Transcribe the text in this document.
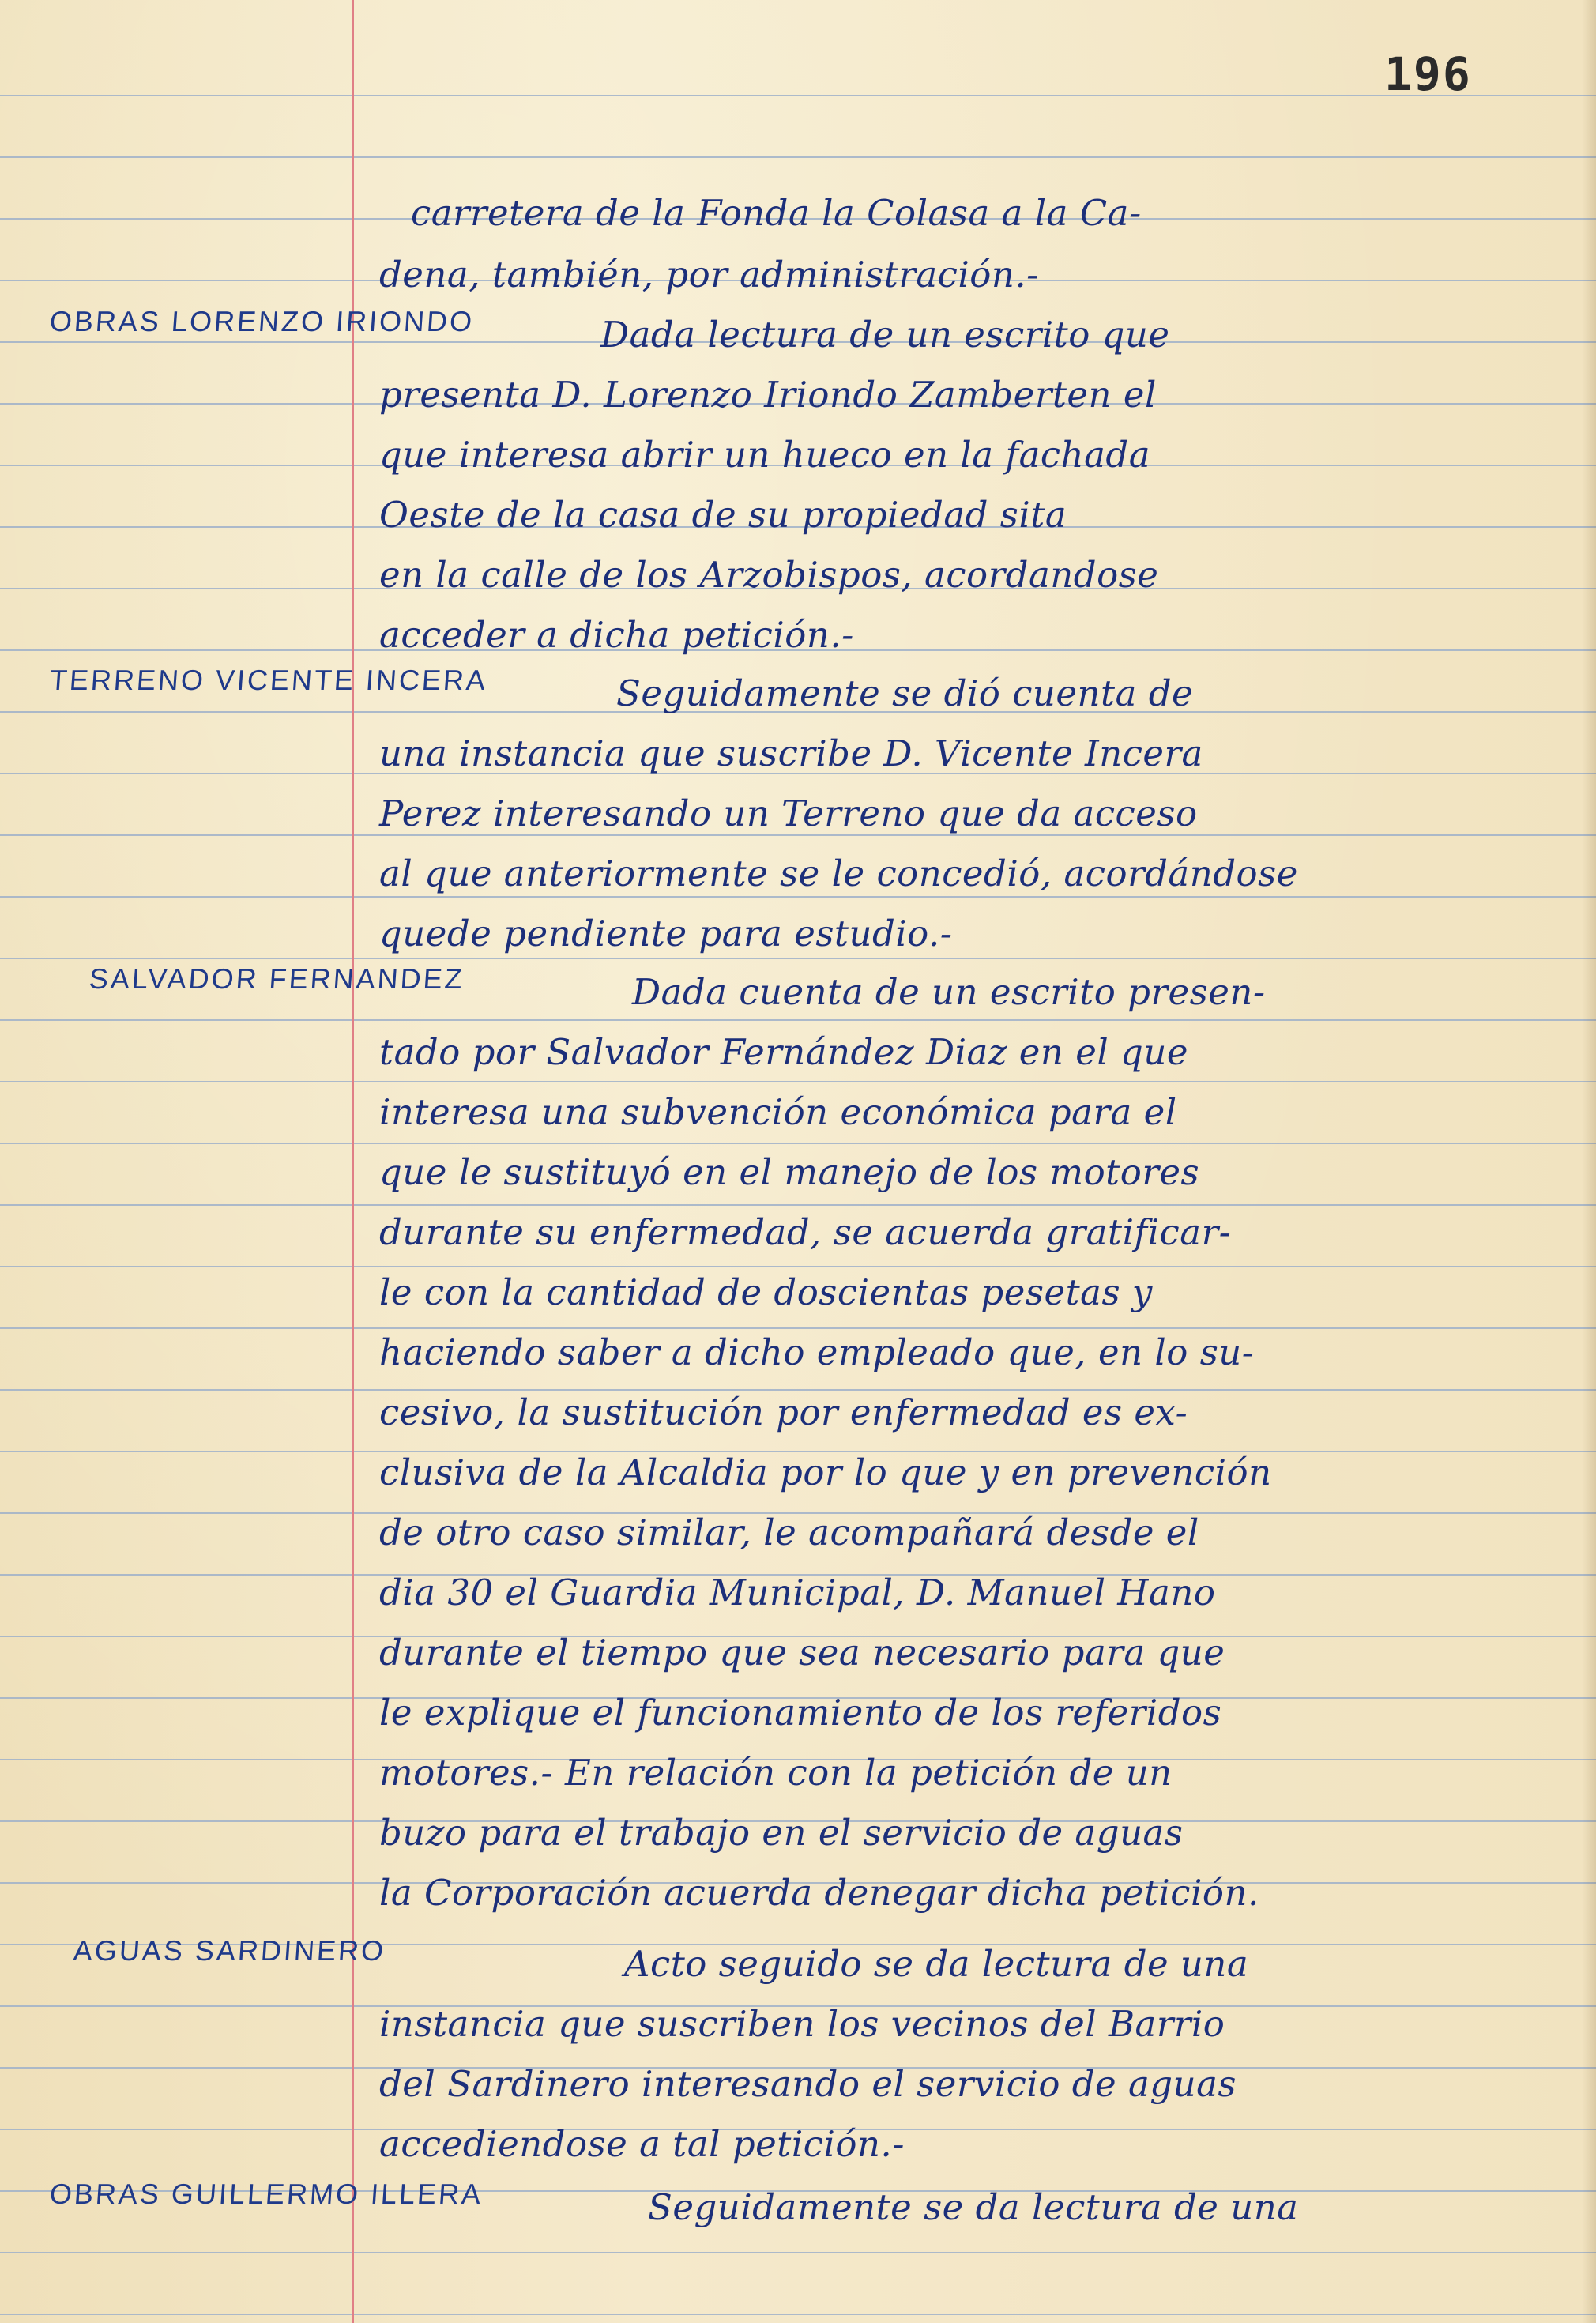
196
OBRAS LORENZO IRIONDO
TERRENO VICENTE INCERA
SALVADOR FERNANDEZ
AGUAS SARDINERO
OBRAS GUILLERMO ILLERA
carretera de la Fonda la Colasa a la Ca-
dena, también, por administración.-
Dada lectura de un escrito que
presenta D. Lorenzo Iriondo Zamberten el
que interesa abrir un hueco en la fachada
Oeste de la casa de su propiedad sita
en la calle de los Arzobispos, acordandose
acceder a dicha petición.-
Seguidamente se dió cuenta de
una instancia que suscribe D. Vicente Incera
Perez interesando un Terreno que da acceso
al que anteriormente se le concedió, acordándose
quede pendiente para estudio.-
Dada cuenta de un escrito presen-
tado por Salvador Fernández Diaz en el que
interesa una subvención económica para el
que le sustituyó en el manejo de los motores
durante su enfermedad, se acuerda gratificar-
le con la cantidad de doscientas pesetas y
haciendo saber a dicho empleado que, en lo su-
cesivo, la sustitución por enfermedad es ex-
clusiva de la Alcaldia por lo que y en prevención
de otro caso similar, le acompañará desde el
dia 30 el Guardia Municipal, D. Manuel Hano
durante el tiempo que sea necesario para que
le explique el funcionamiento de los referidos
motores.- En relación con la petición de un
buzo para el trabajo en el servicio de aguas
la Corporación acuerda denegar dicha petición.
Acto seguido se da lectura de una
instancia que suscriben los vecinos del Barrio
del Sardinero interesando el servicio de aguas
accediendose a tal petición.-
Seguidamente se da lectura de una
